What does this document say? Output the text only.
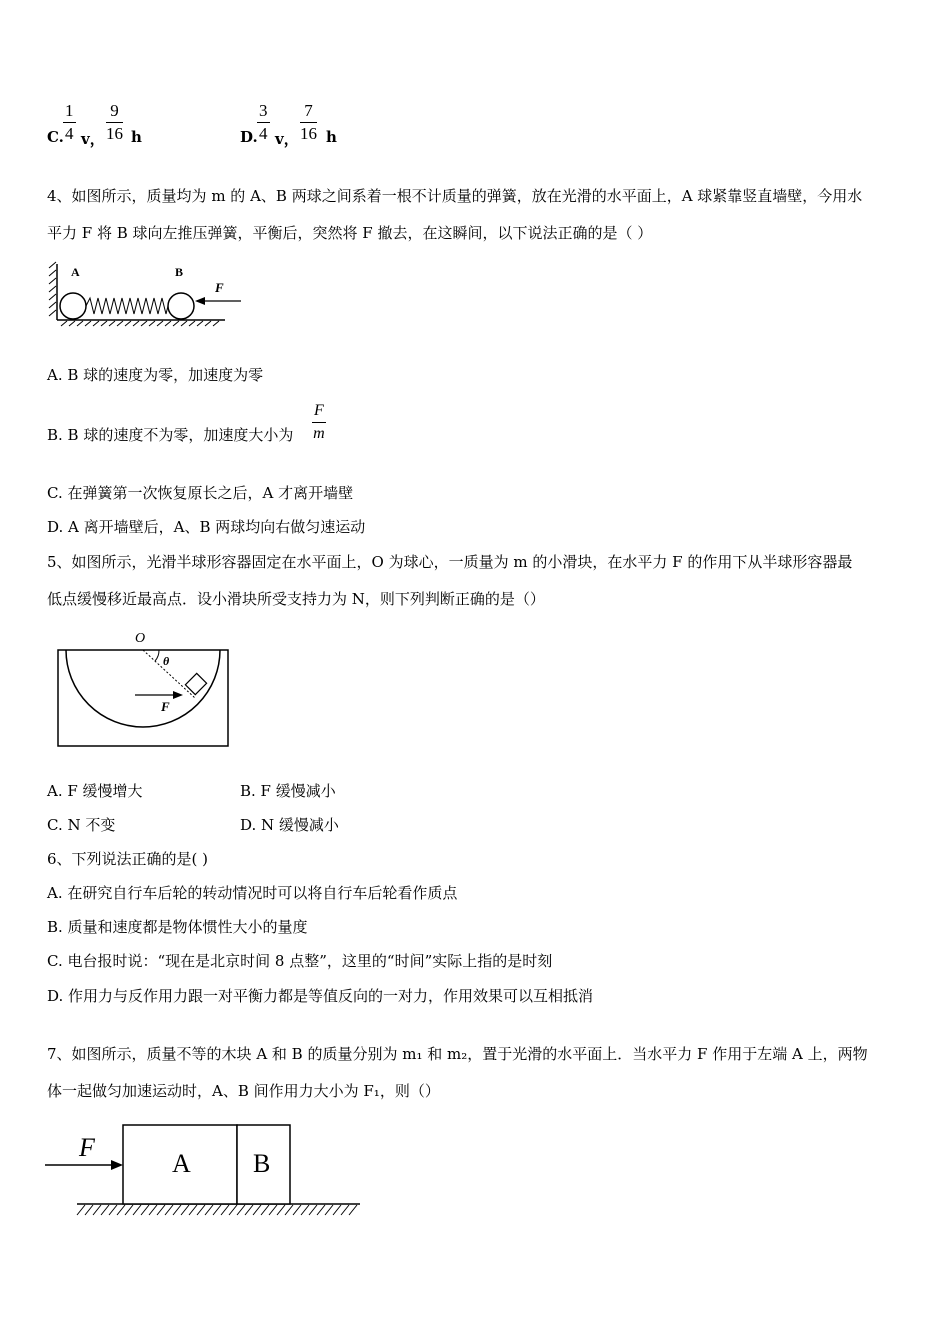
C. $\frac{1}{4}$ v， $\frac{9}{16}$ h	D. $\frac{3}{4}$ v， $\frac{7}{16}$ h
4、如图所示，质量均为 m 的 A、B 两球之间系着一根不计质量的弹簧，放在光滑的水平面上，A 球紧靠竖直墙壁，今用水
平力 F 将 B 球向左推压弹簧，平衡后，突然将 F 撤去，在这瞬间，以下说法正确的是（ ）
A	B
F
A. B 球的速度为零，加速度为零
B. B 球的速度不为零，加速度大小为 $\frac{F}{m}$
C. 在弹簧第一次恢复原长之后，A 才离开墙壁
D. A 离开墙壁后，A、B 两球均向右做匀速运动
5、如图所示，光滑半球形容器固定在水平面上，O 为球心，一质量为 m 的小滑块，在水平力 F 的作用下从半球形容器最
低点缓慢移近最高点．设小滑块所受支持力为 N，则下列判断正确的是（）
O
θ
F
A. F 缓慢增大	B. F 缓慢减小
C. N 不变	D. N 缓慢减小
6、下列说法正确的是( )
A. 在研究自行车后轮的转动情况时可以将自行车后轮看作质点
B. 质量和速度都是物体惯性大小的量度
C. 电台报时说：“现在是北京时间 8 点整”，这里的“时间”实际上指的是时刻
D. 作用力与反作用力跟一对平衡力都是等值反向的一对力，作用效果可以互相抵消
7、如图所示，质量不等的木块 A 和 B 的质量分别为 m₁ 和 m₂，置于光滑的水平面上．当水平力 F 作用于左端 A 上，两物
体一起做匀加速运动时，A、B 间作用力大小为 F₁，则（）
F
A B
